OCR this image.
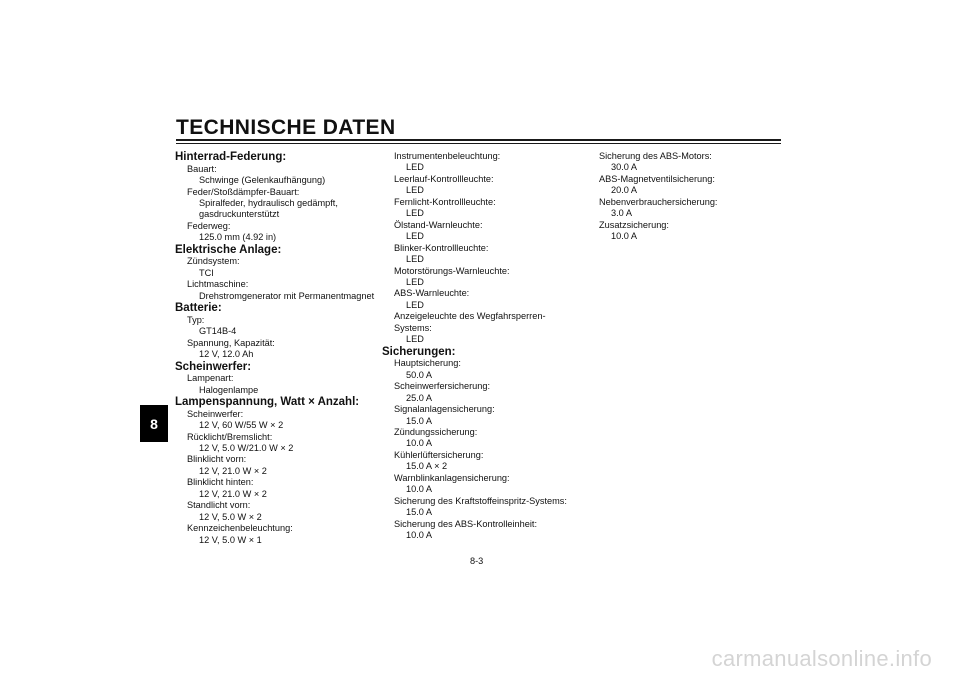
TECHNISCHE DATEN
8
Hinterrad-Federung:
Bauart:
Schwinge (Gelenkaufhängung)
Feder/Stoßdämpfer-Bauart:
Spiralfeder, hydraulisch gedämpft,
gasdruckunterstützt
Federweg:
125.0 mm (4.92 in)
Elektrische Anlage:
Zündsystem:
TCI
Lichtmaschine:
Drehstromgenerator mit Permanentmagnet
Batterie:
Typ:
GT14B-4
Spannung, Kapazität:
12 V, 12.0 Ah
Scheinwerfer:
Lampenart:
Halogenlampe
Lampenspannung, Watt × Anzahl:
Scheinwerfer:
12 V, 60 W/55 W × 2
Rücklicht/Bremslicht:
12 V, 5.0 W/21.0 W × 2
Blinklicht vorn:
12 V, 21.0 W × 2
Blinklicht hinten:
12 V, 21.0 W × 2
Standlicht vorn:
12 V, 5.0 W × 2
Kennzeichenbeleuchtung:
12 V, 5.0 W × 1
Instrumentenbeleuchtung:
LED
Leerlauf-Kontrollleuchte:
LED
Fernlicht-Kontrollleuchte:
LED
Ölstand-Warnleuchte:
LED
Blinker-Kontrollleuchte:
LED
Motorstörungs-Warnleuchte:
LED
ABS-Warnleuchte:
LED
Anzeigeleuchte des Wegfahrsperren-
Systems:
LED
Sicherungen:
Hauptsicherung:
50.0 A
Scheinwerfersicherung:
25.0 A
Signalanlagensicherung:
15.0 A
Zündungssicherung:
10.0 A
Kühlerlüftersicherung:
15.0 A × 2
Warnblinkanlagensicherung:
10.0 A
Sicherung des Kraftstoffeinspritz-Systems:
15.0 A
Sicherung des ABS-Kontrolleinheit:
10.0 A
Sicherung des ABS-Motors:
30.0 A
ABS-Magnetventilsicherung:
20.0 A
Nebenverbrauchersicherung:
3.0 A
Zusatzsicherung:
10.0 A
8-3
carmanualsonline.info
